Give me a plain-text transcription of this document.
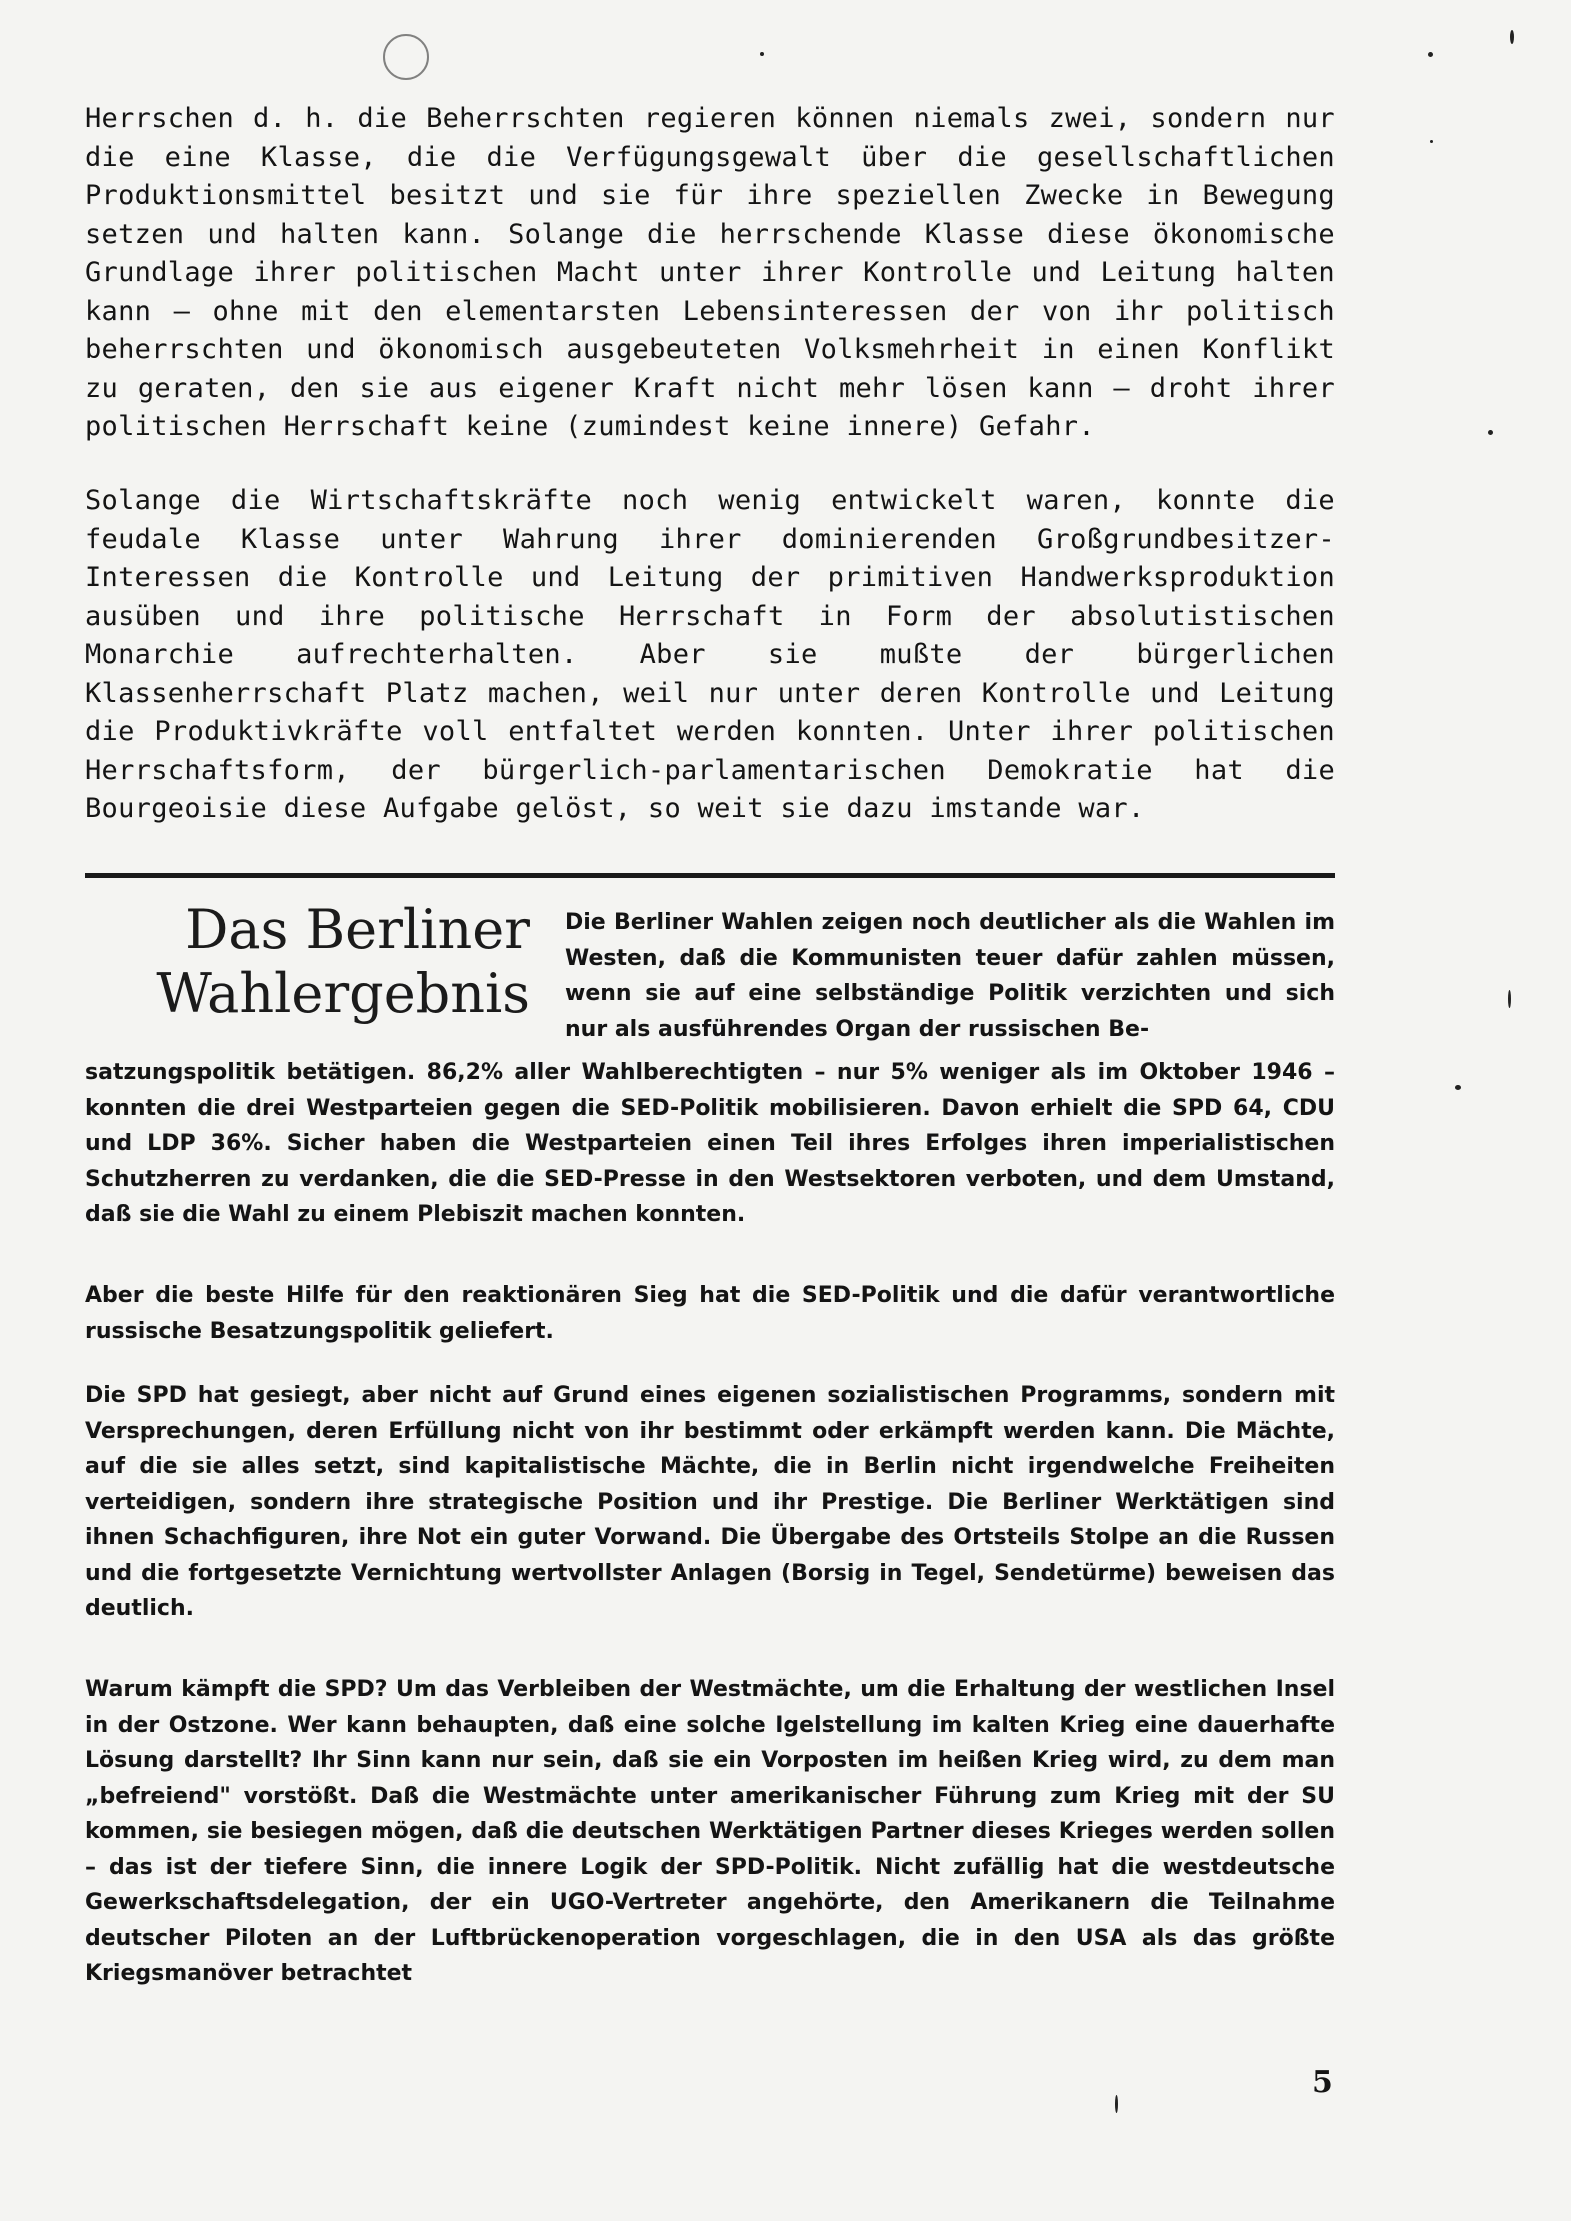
Herrschen d. h. die Beherrschten regieren können niemals zwei, sondern nur die eine Klasse, die die Verfügungsgewalt über die gesellschaftlichen Produktionsmittel besitzt und sie für ihre speziellen Zwecke in Bewegung setzen und halten kann. Solange die herrschende Klasse diese ökonomische Grundlage ihrer politischen Macht unter ihrer Kontrolle und Leitung halten kann – ohne mit den elementarsten Lebensinteressen der von ihr politisch beherrschten und ökonomisch ausgebeuteten Volksmehrheit in einen Konflikt zu geraten, den sie aus eigener Kraft nicht mehr lösen kann – droht ihrer politischen Herrschaft keine (zumindest keine innere) Gefahr.

Solange die Wirtschaftskräfte noch wenig entwickelt waren, konnte die feudale Klasse unter Wahrung ihrer dominierenden Großgrundbesitzer-Interessen die Kontrolle und Leitung der primitiven Handwerksproduktion ausüben und ihre politische Herrschaft in Form der absolutistischen Monarchie aufrechterhalten. Aber sie mußte der bürgerlichen Klassenherrschaft Platz machen, weil nur unter deren Kontrolle und Leitung die Produktivkräfte voll entfaltet werden konnten. Unter ihrer politischen Herrschaftsform, der bürgerlich-parlamentarischen Demokratie hat die Bourgeoisie diese Aufgabe gelöst, so weit sie dazu imstande war.

Das Berliner
Wahlergebnis

Die Berliner Wahlen zeigen noch deutlicher als die Wahlen im Westen, daß die Kommunisten teuer dafür zahlen müssen, wenn sie auf eine selbständige Politik verzichten und sich nur als ausführendes Organ der russischen Be-

satzungspolitik betätigen. 86,2% aller Wahlberechtigten – nur 5% weniger als im Oktober 1946 – konnten die drei Westparteien gegen die SED-Politik mobilisieren. Davon erhielt die SPD 64, CDU und LDP 36%. Sicher haben die Westparteien einen Teil ihres Erfolges ihren imperialistischen Schutzherren zu verdanken, die die SED-Presse in den Westsektoren verboten, und dem Umstand, daß sie die Wahl zu einem Plebiszit machen konnten.

Aber die beste Hilfe für den reaktionären Sieg hat die SED-Politik und die dafür verantwortliche russische Besatzungspolitik geliefert.

Die SPD hat gesiegt, aber nicht auf Grund eines eigenen sozialistischen Programms, sondern mit Versprechungen, deren Erfüllung nicht von ihr bestimmt oder erkämpft werden kann. Die Mächte, auf die sie alles setzt, sind kapitalistische Mächte, die in Berlin nicht irgendwelche Freiheiten verteidigen, sondern ihre strategische Position und ihr Prestige. Die Berliner Werktätigen sind ihnen Schachfiguren, ihre Not ein guter Vorwand. Die Übergabe des Ortsteils Stolpe an die Russen und die fortgesetzte Vernichtung wertvollster Anlagen (Borsig in Tegel, Sendetürme) beweisen das deutlich.

Warum kämpft die SPD? Um das Verbleiben der Westmächte, um die Erhaltung der westlichen Insel in der Ostzone. Wer kann behaupten, daß eine solche Igelstellung im kalten Krieg eine dauerhafte Lösung darstellt? Ihr Sinn kann nur sein, daß sie ein Vorposten im heißen Krieg wird, zu dem man „befreiend" vorstößt. Daß die Westmächte unter amerikanischer Führung zum Krieg mit der SU kommen, sie besiegen mögen, daß die deutschen Werktätigen Partner dieses Krieges werden sollen – das ist der tiefere Sinn, die innere Logik der SPD-Politik. Nicht zufällig hat die westdeutsche Gewerkschaftsdelegation, der ein UGO-Vertreter angehörte, den Amerikanern die Teilnahme deutscher Piloten an der Luftbrückenoperation vorgeschlagen, die in den USA als das größte Kriegsmanöver betrachtet

5
